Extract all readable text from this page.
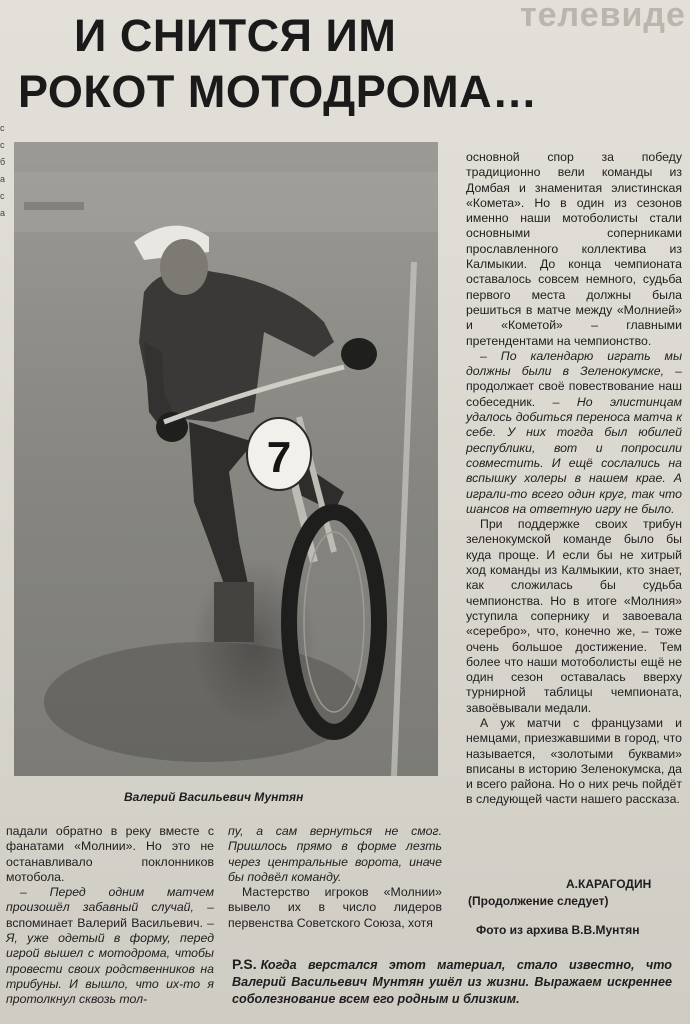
телевиде
с
с
б
а
с
а
И СНИТСЯ ИМ
РОКОТ МОТОДРОМА…
7
Валерий Васильевич Мунтян

основной спор за победу традиционно вели команды из Домбая и знаменитая элистинская «Комета». Но в один из сезонов именно наши мотоболисты стали основными соперниками прославленного коллектива из Калмыкии. До конца чемпионата оставалось совсем немного, судьба первого места должны была решиться в матче между «Молнией» и «Кометой» – главными претендентами на чемпионство.

– По календарю играть мы должны были в Зеленокумске, – продолжает своё повествование наш собеседник. – Но элистинцам удалось добиться переноса матча к себе. У них тогда был юбилей республики, вот и попросили совместить. И ещё сослались на вспышку холеры в нашем крае. А играли-то всего один круг, так что шансов на ответную игру не было.

При поддержке своих трибун зеленокумской команде было бы куда проще. И если бы не хитрый ход команды из Калмыкии, кто знает, как сложилась бы судьба чемпионства. Но в итоге «Молния» уступила сопернику и завоевала «серебро», что, конечно же, – тоже очень большое достижение. Тем более что наши мотоболисты ещё не один сезон оставалась вверху турнирной таблицы чемпионата, завоёвывали медали.

А уж матчи с французами и немцами, приезжавшими в город, что называется, «золотыми буквами» вписаны в историю Зеленокумска, да и всего района. Но о них речь пойдёт в следующей части нашего рассказа.

падали обратно в реку вместе с фанатами «Молнии». Но это не останавливало поклонников мотобола.

– Перед одним матчем произошёл забавный случай, – вспоминает Валерий Васильевич. – Я, уже одетый в форму, перед игрой вышел с мотодрома, чтобы провести своих родственников на трибуны. И вышло, что их-то я протолкнул сквозь тол-

пу, а сам вернуться не смог. Пришлось прямо в форме лезть через центральные ворота, иначе бы подвёл команду.

Мастерство игроков «Молнии» вывело их в число лидеров первенства Советского Союза, хотя

А.КАРАГОДИН
(Продолжение следует)
Фото из архива В.В.Мунтян
P.S. Когда верстался этот материал, стало известно, что Валерий Васильевич Мунтян ушёл из жизни. Выражаем искреннее соболезнование всем его родным и близким.
